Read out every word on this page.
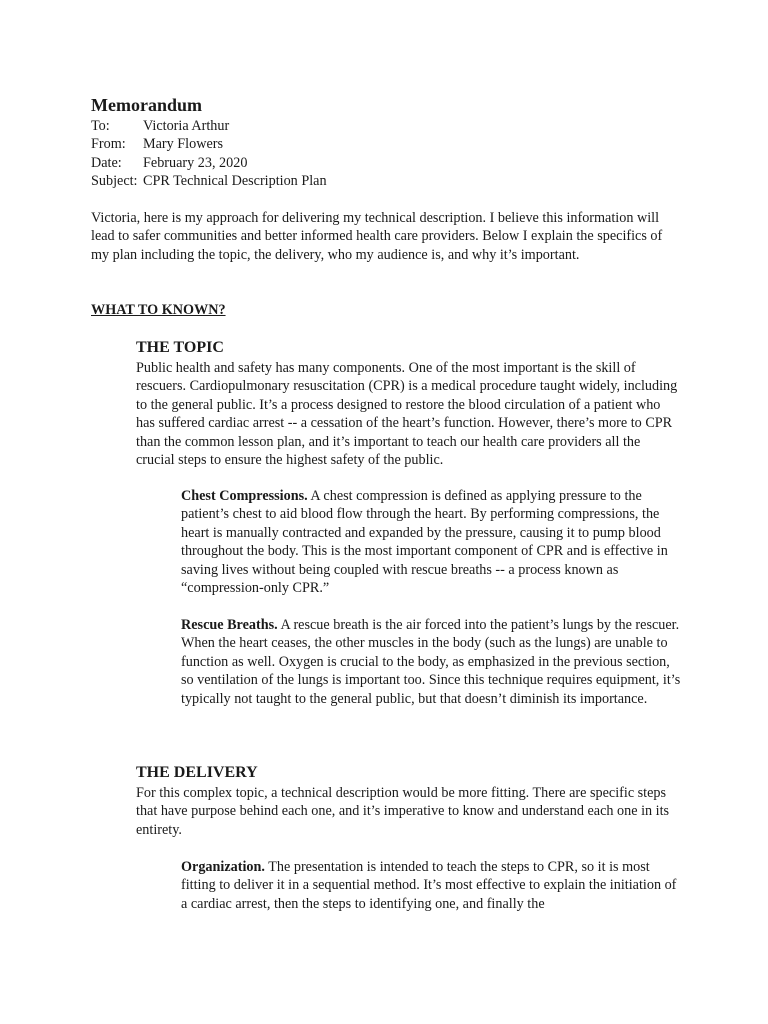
Memorandum
To:	Victoria Arthur
From:	Mary Flowers
Date:	February 23, 2020
Subject: CPR Technical Description Plan

Victoria, here is my approach for delivering my technical description. I believe this information will lead to safer communities and better informed health care providers. Below I explain the specifics of my plan including the topic, the delivery, who my audience is, and why it’s important.

WHAT TO KNOWN?
THE TOPIC

Public health and safety has many components. One of the most important is the skill of rescuers. Cardiopulmonary resuscitation (CPR) is a medical procedure taught widely, including to the general public. It’s a process designed to restore the blood circulation of a patient who has suffered cardiac arrest -- a cessation of the heart’s function. However, there’s more to CPR than the common lesson plan, and it’s important to teach our health care providers all the crucial steps to ensure the highest safety of the public.

Chest Compressions. A chest compression is defined as applying pressure to the patient’s chest to aid blood flow through the heart. By performing compressions, the heart is manually contracted and expanded by the pressure, causing it to pump blood throughout the body. This is the most important component of CPR and is effective in saving lives without being coupled with rescue breaths -- a process known as “compression-only CPR.”

Rescue Breaths. A rescue breath is the air forced into the patient’s lungs by the rescuer. When the heart ceases, the other muscles in the body (such as the lungs) are unable to function as well. Oxygen is crucial to the body, as emphasized in the previous section, so ventilation of the lungs is important too. Since this technique requires equipment, it’s typically not taught to the general public, but that doesn’t diminish its importance.

THE DELIVERY

For this complex topic, a technical description would be more fitting. There are specific steps that have purpose behind each one, and it’s imperative to know and understand each one in its entirety.

Organization. The presentation is intended to teach the steps to CPR, so it is most fitting to deliver it in a sequential method. It’s most effective to explain the initiation of a cardiac arrest, then the steps to identifying one, and finally the
